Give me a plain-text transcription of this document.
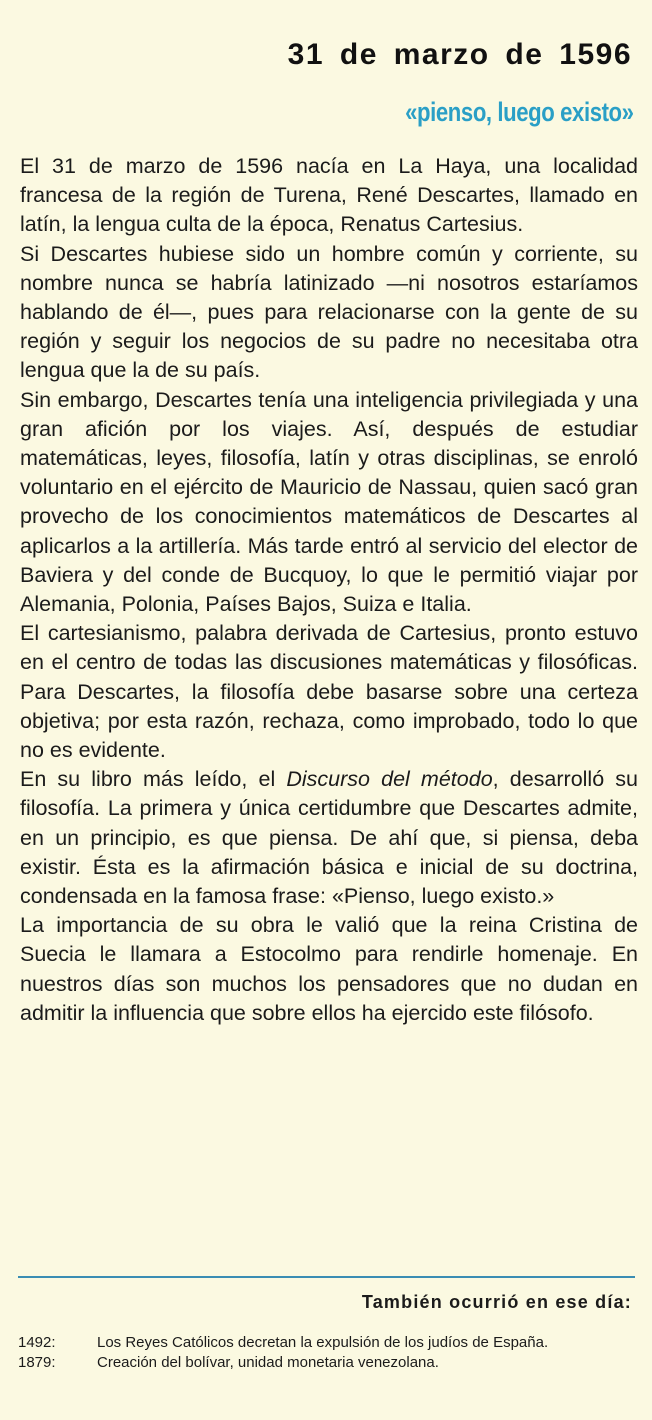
31 de marzo de 1596
«pienso, luego existo»

El 31 de marzo de 1596 nacía en La Haya, una localidad francesa de la región de Turena, René Descartes, llamado en latín, la lengua culta de la época, Renatus Cartesius.

Si Descartes hubiese sido un hombre común y corriente, su nombre nunca se habría latinizado —ni nosotros estaríamos hablando de él—, pues para relacionarse con la gente de su región y seguir los negocios de su padre no necesitaba otra lengua que la de su país.

Sin embargo, Descartes tenía una inteligencia privilegiada y una gran afición por los viajes. Así, después de estudiar matemáticas, leyes, filosofía, latín y otras disciplinas, se enroló voluntario en el ejército de Mauricio de Nassau, quien sacó gran provecho de los conocimientos matemáticos de Descartes al aplicarlos a la artillería. Más tarde entró al servicio del elector de Baviera y del conde de Bucquoy, lo que le permitió viajar por Alemania, Polonia, Países Bajos, Suiza e Italia.

El cartesianismo, palabra derivada de Cartesius, pronto estuvo en el centro de todas las discusiones matemáticas y filosóficas. Para Descartes, la filosofía debe basarse sobre una certeza objetiva; por esta razón, rechaza, como improbado, todo lo que no es evidente.

En su libro más leído, el Discurso del método, desarrolló su filosofía. La primera y única certidumbre que Descartes admite, en un principio, es que piensa. De ahí que, si piensa, deba existir. Ésta es la afirmación básica e inicial de su doctrina, condensada en la famosa frase: «Pienso, luego existo.»

La importancia de su obra le valió que la reina Cristina de Suecia le llamara a Estocolmo para rendirle homenaje. En nuestros días son muchos los pensadores que no dudan en admitir la influencia que sobre ellos ha ejercido este filósofo.

También ocurrió en ese día:
1492:	Los Reyes Católicos decretan la expulsión de los judíos de España.
1879:	Creación del bolívar, unidad monetaria venezolana.
